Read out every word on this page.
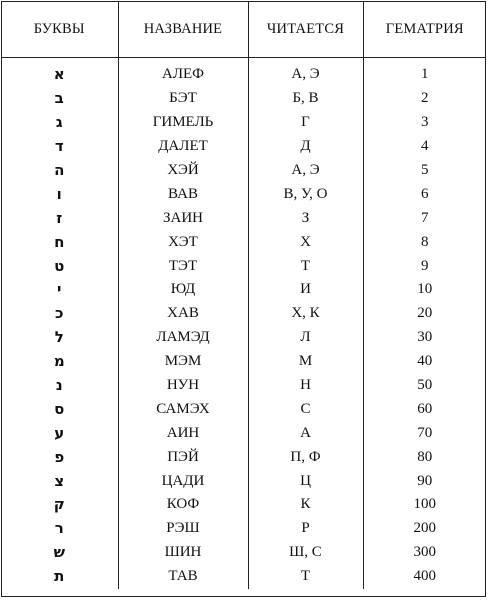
БУКВЫ	НАЗВАНИЕ	ЧИТАЕТСЯ	ГЕМАТРИЯ

א	АЛЕФ	А, Э	1
ב	БЭТ	Б, В	2
ג	ГИМЕЛЬ	Г	3
ד	ДАЛЕТ	Д	4
ה	ХЭЙ	А, Э	5
ו	ВАВ	В, У, О	6
ז	ЗАИН	З	7
ח	ХЭТ	Х	8
ט	ТЭТ	Т	9
י	ЮД	И	10
כ	ХАВ	Х, К	20
ל	ЛАМЭД	Л	30
מ	МЭМ	М	40
נ	НУН	Н	50
ס	САМЭХ	С	60
ע	АИН	А	70
פ	ПЭЙ	П, Ф	80
צ	ЦАДИ	Ц	90
ק	КОФ	К	100
ר	РЭШ	Р	200
ש	ШИН	Ш, С	300
ת	ТАВ	Т	400
